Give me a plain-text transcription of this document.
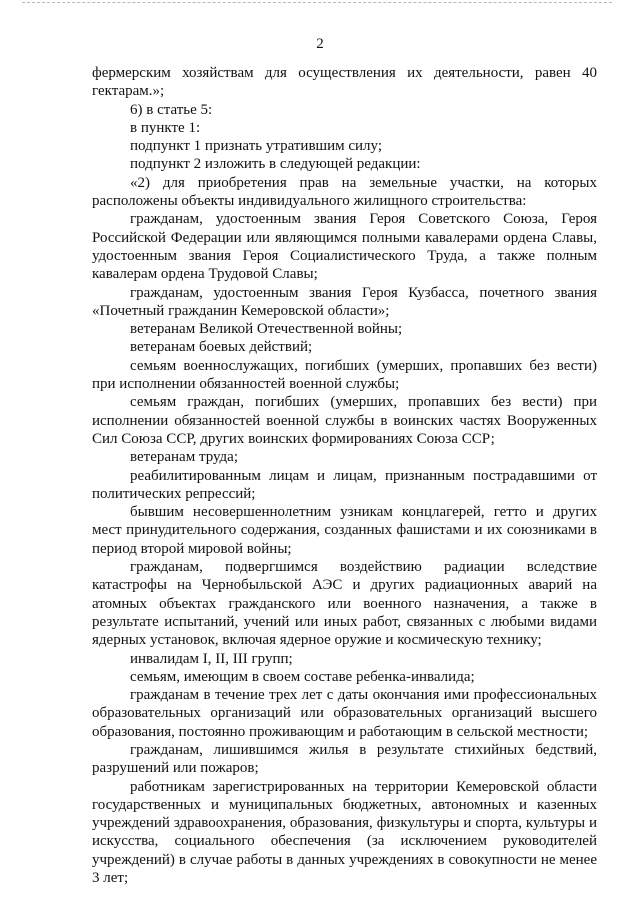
2

фермерским хозяйствам для осуществления их деятельности, равен 40 гектарам.»;

6) в статье 5:

в пункте 1:

подпункт 1 признать утратившим силу;

подпункт 2 изложить в следующей редакции:

«2) для приобретения прав на земельные участки, на которых расположены объекты индивидуального жилищного строительства:

гражданам, удостоенным звания Героя Советского Союза, Героя Российской Федерации или являющимся полными кавалерами ордена Славы, удостоенным звания Героя Социалистического Труда, а также полным кавалерам ордена Трудовой Славы;

гражданам, удостоенным звания Героя Кузбасса, почетного звания «Почетный гражданин Кемеровской области»;

ветеранам Великой Отечественной войны;

ветеранам боевых действий;

семьям военнослужащих, погибших (умерших, пропавших без вести) при исполнении обязанностей военной службы;

семьям граждан, погибших (умерших, пропавших без вести) при исполнении обязанностей военной службы в воинских частях Вооруженных Сил Союза ССР, других воинских формированиях Союза ССР;

ветеранам труда;

реабилитированным лицам и лицам, признанным пострадавшими от политических репрессий;

бывшим несовершеннолетним узникам концлагерей, гетто и других мест принудительного содержания, созданных фашистами и их союзниками в период второй мировой войны;

гражданам, подвергшимся воздействию радиации вследствие катастрофы на Чернобыльской АЭС и других радиационных аварий на атомных объектах гражданского или военного назначения, а также в результате испытаний, учений или иных работ, связанных с любыми видами ядерных установок, включая ядерное оружие и космическую технику;

инвалидам I, II, III групп;

семьям, имеющим в своем составе ребенка-инвалида;

гражданам в течение трех лет с даты окончания ими профессиональных образовательных организаций или образовательных организаций высшего образования, постоянно проживающим и работающим в сельской местности;

гражданам, лишившимся жилья в результате стихийных бедствий, разрушений или пожаров;

работникам зарегистрированных на территории Кемеровской области государственных и муниципальных бюджетных, автономных и казенных учреждений здравоохранения, образования, физкультуры и спорта, культуры и искусства, социального обеспечения (за исключением руководителей учреждений) в случае работы в данных учреждениях в совокупности не менее 3 лет;
